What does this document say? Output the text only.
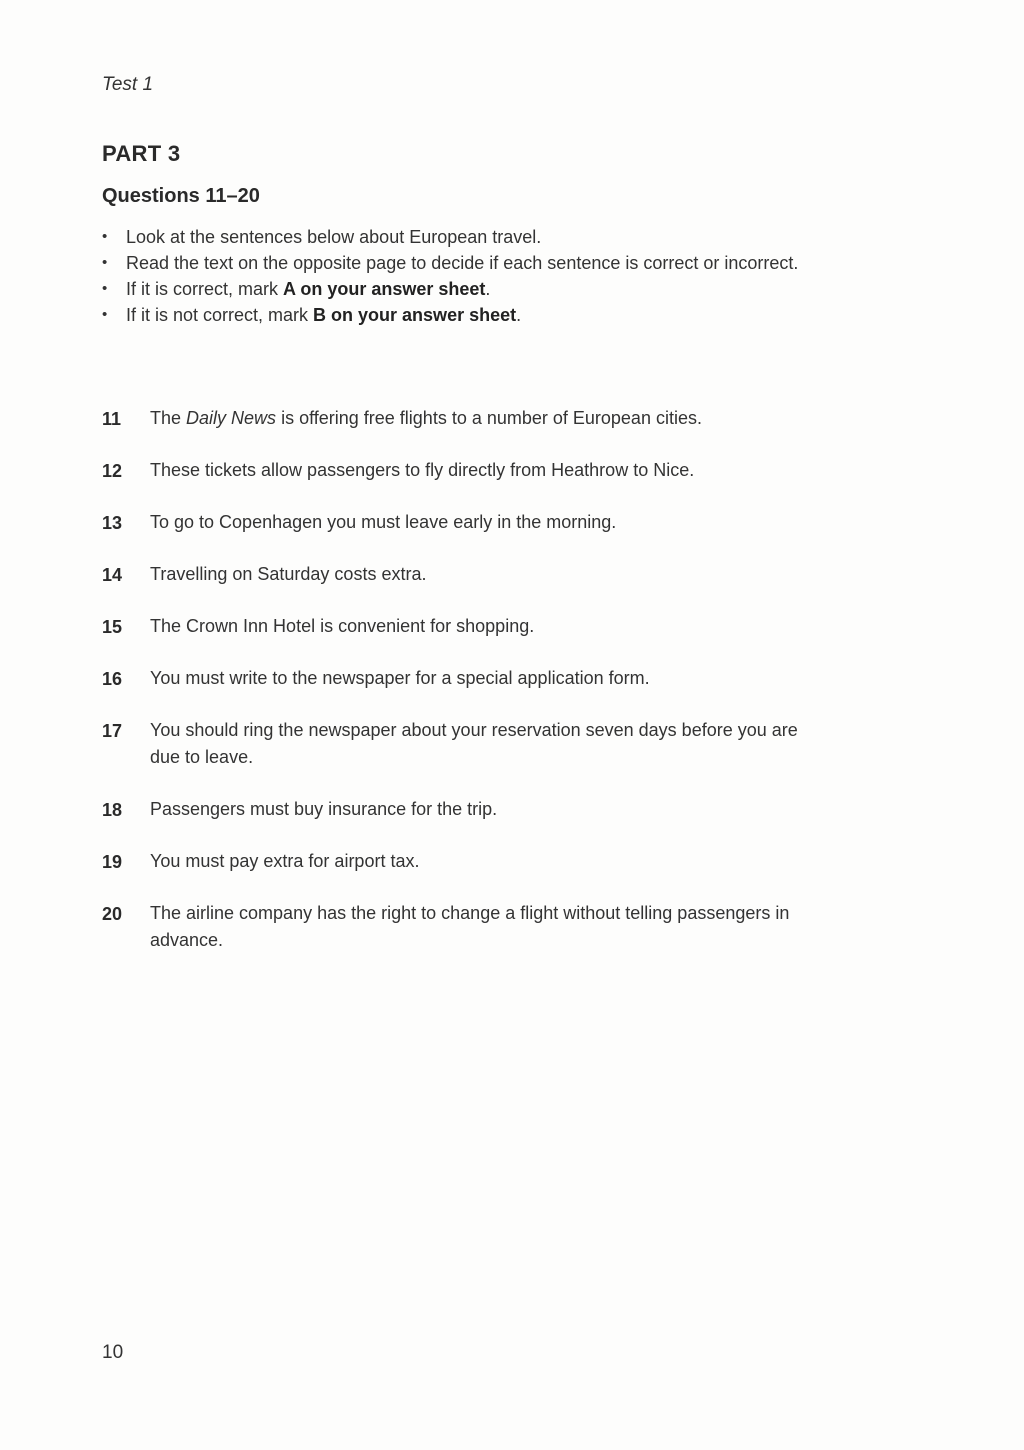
Test 1
PART 3
Questions 11–20
• Look at the sentences below about European travel.
• Read the text on the opposite page to decide if each sentence is correct or incorrect.
• If it is correct, mark A on your answer sheet.
• If it is not correct, mark B on your answer sheet.
11 The Daily News is offering free flights to a number of European cities.
12 These tickets allow passengers to fly directly from Heathrow to Nice.
13 To go to Copenhagen you must leave early in the morning.
14 Travelling on Saturday costs extra.
15 The Crown Inn Hotel is convenient for shopping.
16 You must write to the newspaper for a special application form.
17 You should ring the newspaper about your reservation seven days before you are due to leave.
18 Passengers must buy insurance for the trip.
19 You must pay extra for airport tax.
20 The airline company has the right to change a flight without telling passengers in advance.
10
